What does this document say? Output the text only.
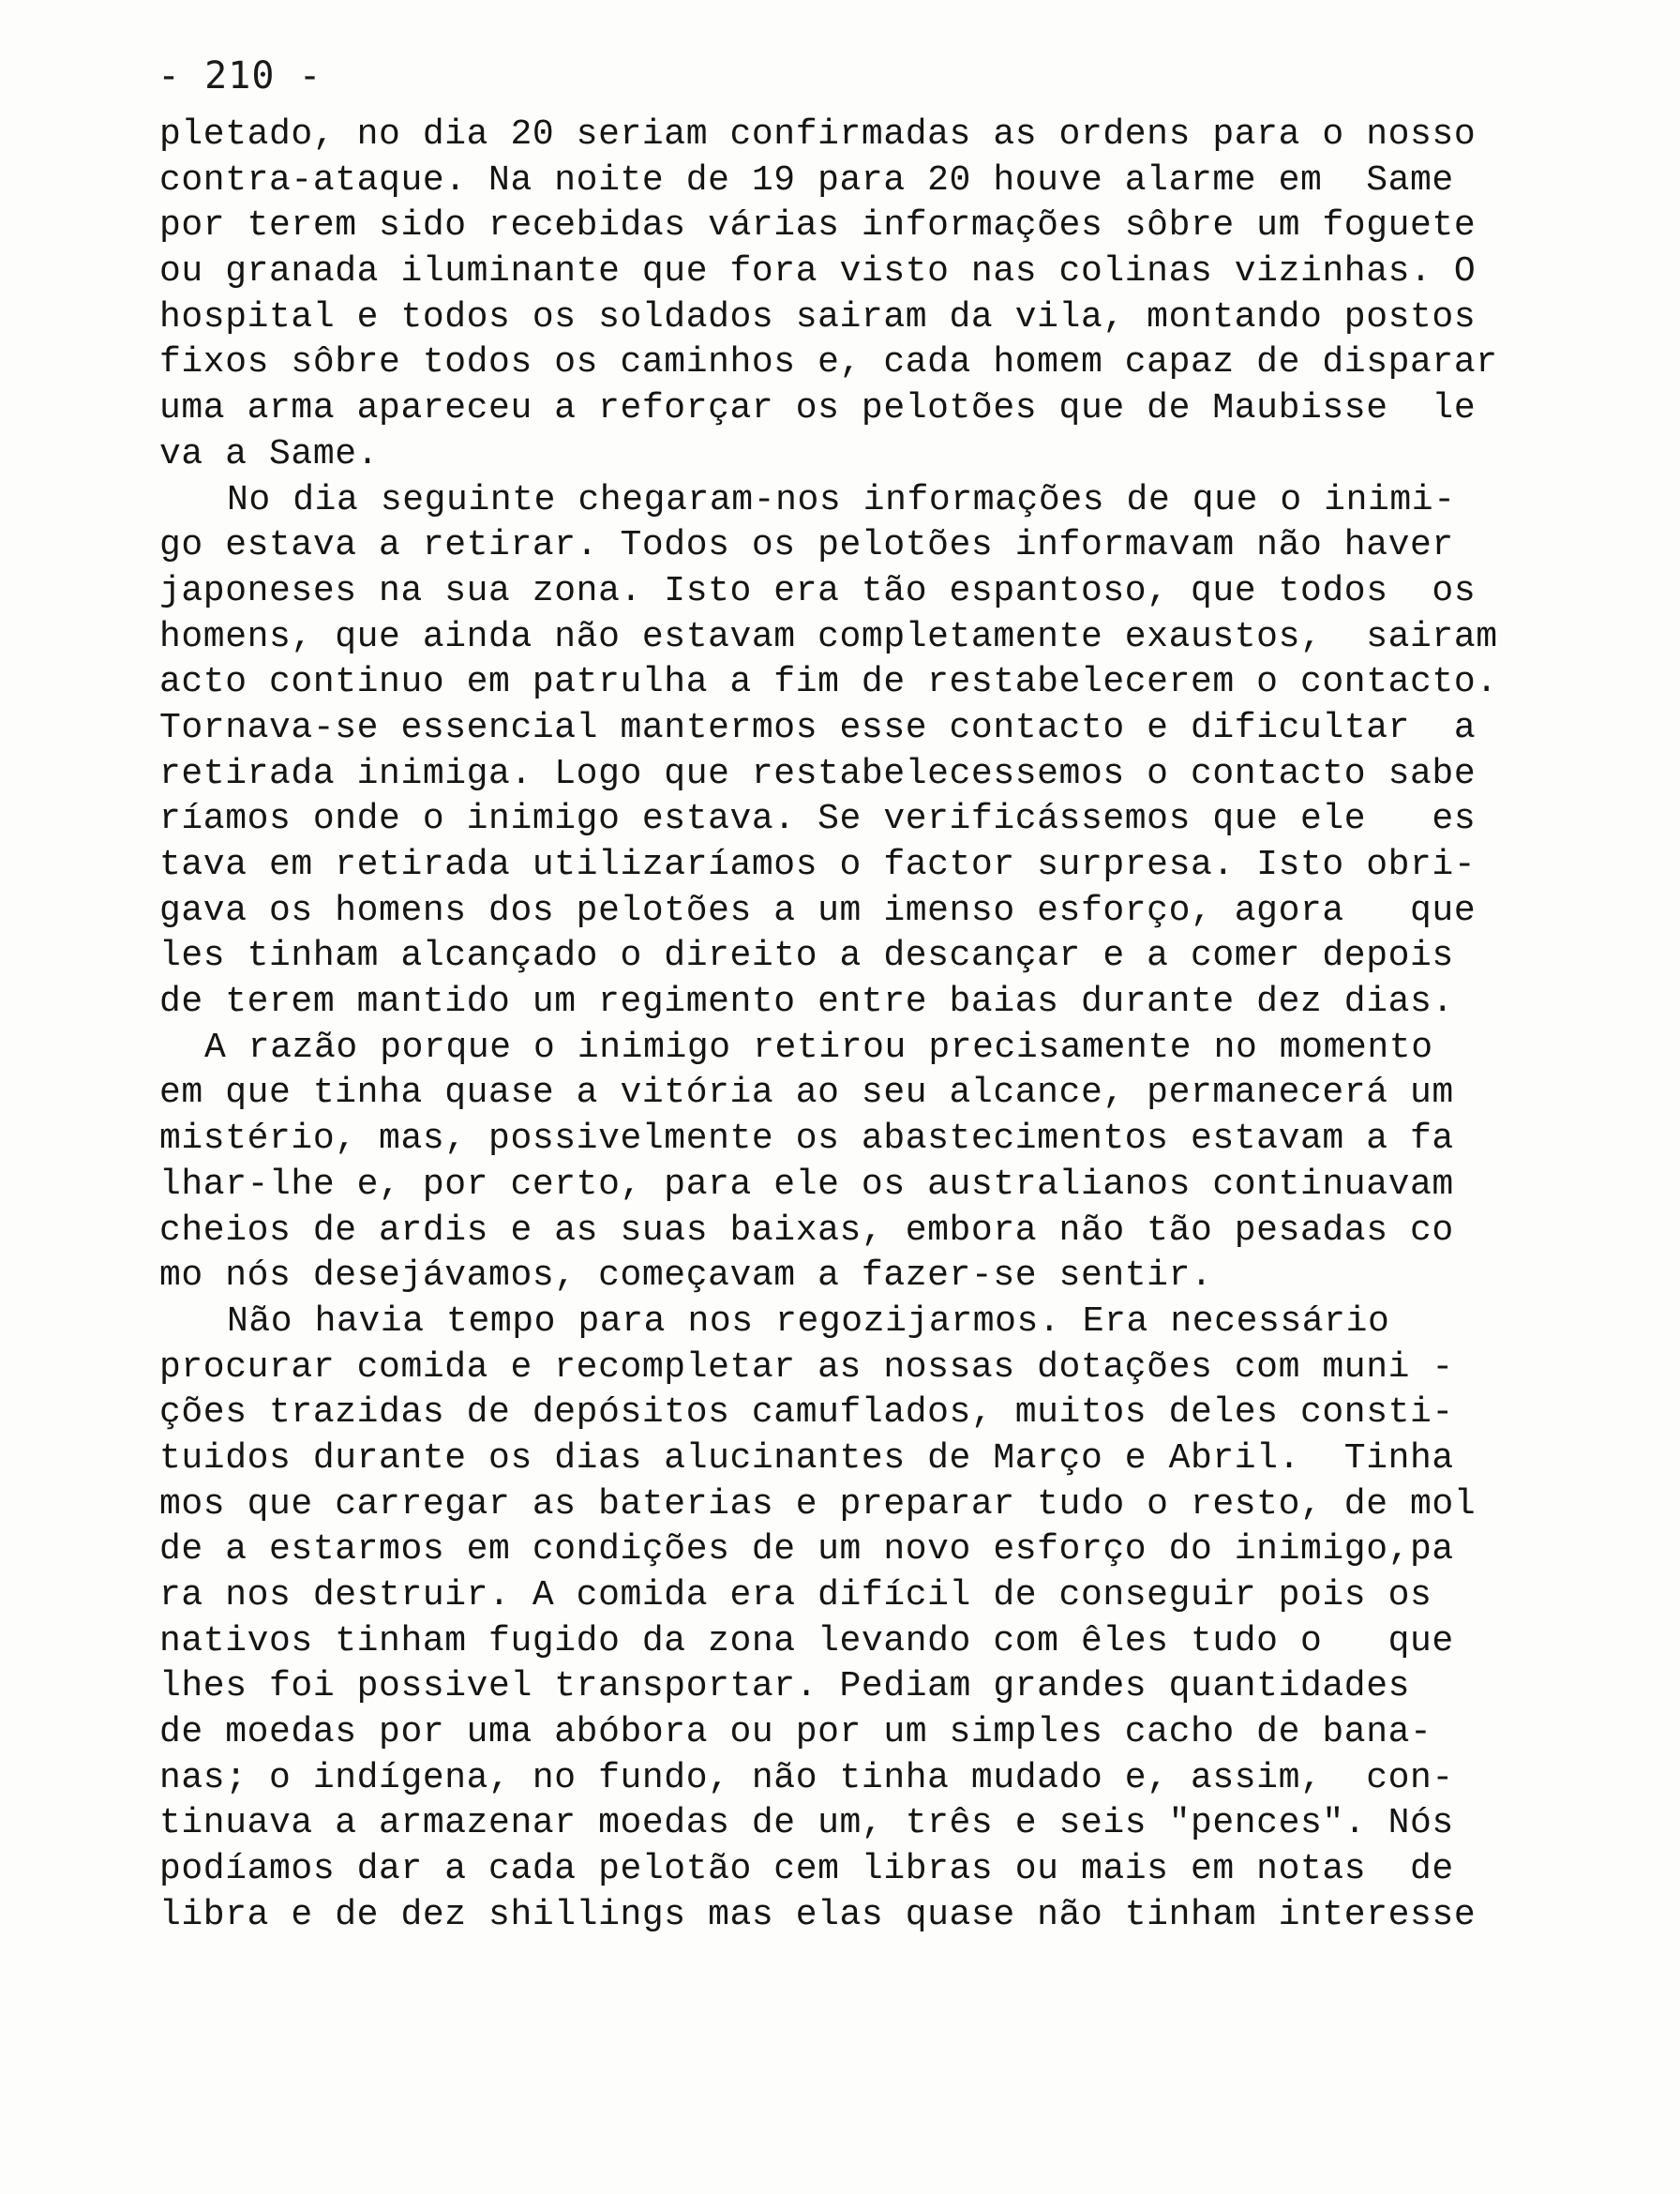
- 210 -
pletado, no dia 20 seriam confirmadas as ordens para o nosso
contra-ataque. Na noite de 19 para 20 houve alarme em  Same
por terem sido recebidas várias informações sôbre um foguete
ou granada iluminante que fora visto nas colinas vizinhas. O
hospital e todos os soldados sairam da vila, montando postos
fixos sôbre todos os caminhos e, cada homem capaz de disparar
uma arma apareceu a reforçar os pelotões que de Maubisse  le
va a Same.
No dia seguinte chegaram-nos informações de que o inimi-
go estava a retirar. Todos os pelotões informavam não haver
japoneses na sua zona. Isto era tão espantoso, que todos  os
homens, que ainda não estavam completamente exaustos,  sairam
acto continuo em patrulha a fim de restabelecerem o contacto.
Tornava-se essencial mantermos esse contacto e dificultar  a
retirada inimiga. Logo que restabelecessemos o contacto sabe
ríamos onde o inimigo estava. Se verificássemos que ele   es
tava em retirada utilizaríamos o factor surpresa. Isto obri-
gava os homens dos pelotões a um imenso esforço, agora   que
les tinham alcançado o direito a descançar e a comer depois
de terem mantido um regimento entre baias durante dez dias.
A razão porque o inimigo retirou precisamente no momento
em que tinha quase a vitória ao seu alcance, permanecerá um
mistério, mas, possivelmente os abastecimentos estavam a fa
lhar-lhe e, por certo, para ele os australianos continuavam
cheios de ardis e as suas baixas, embora não tão pesadas co
mo nós desejávamos, começavam a fazer-se sentir.
Não havia tempo para nos regozijarmos. Era necessário
procurar comida e recompletar as nossas dotações com muni -
ções trazidas de depósitos camuflados, muitos deles consti-
tuidos durante os dias alucinantes de Março e Abril.  Tinha
mos que carregar as baterias e preparar tudo o resto, de mol
de a estarmos em condições de um novo esforço do inimigo,pa
ra nos destruir. A comida era difícil de conseguir pois os
nativos tinham fugido da zona levando com êles tudo o   que
lhes foi possivel transportar. Pediam grandes quantidades
de moedas por uma abóbora ou por um simples cacho de bana-
nas; o indígena, no fundo, não tinha mudado e, assim,  con-
tinuava a armazenar moedas de um, três e seis "pences". Nós
podíamos dar a cada pelotão cem libras ou mais em notas  de
libra e de dez shillings mas elas quase não tinham interesse
